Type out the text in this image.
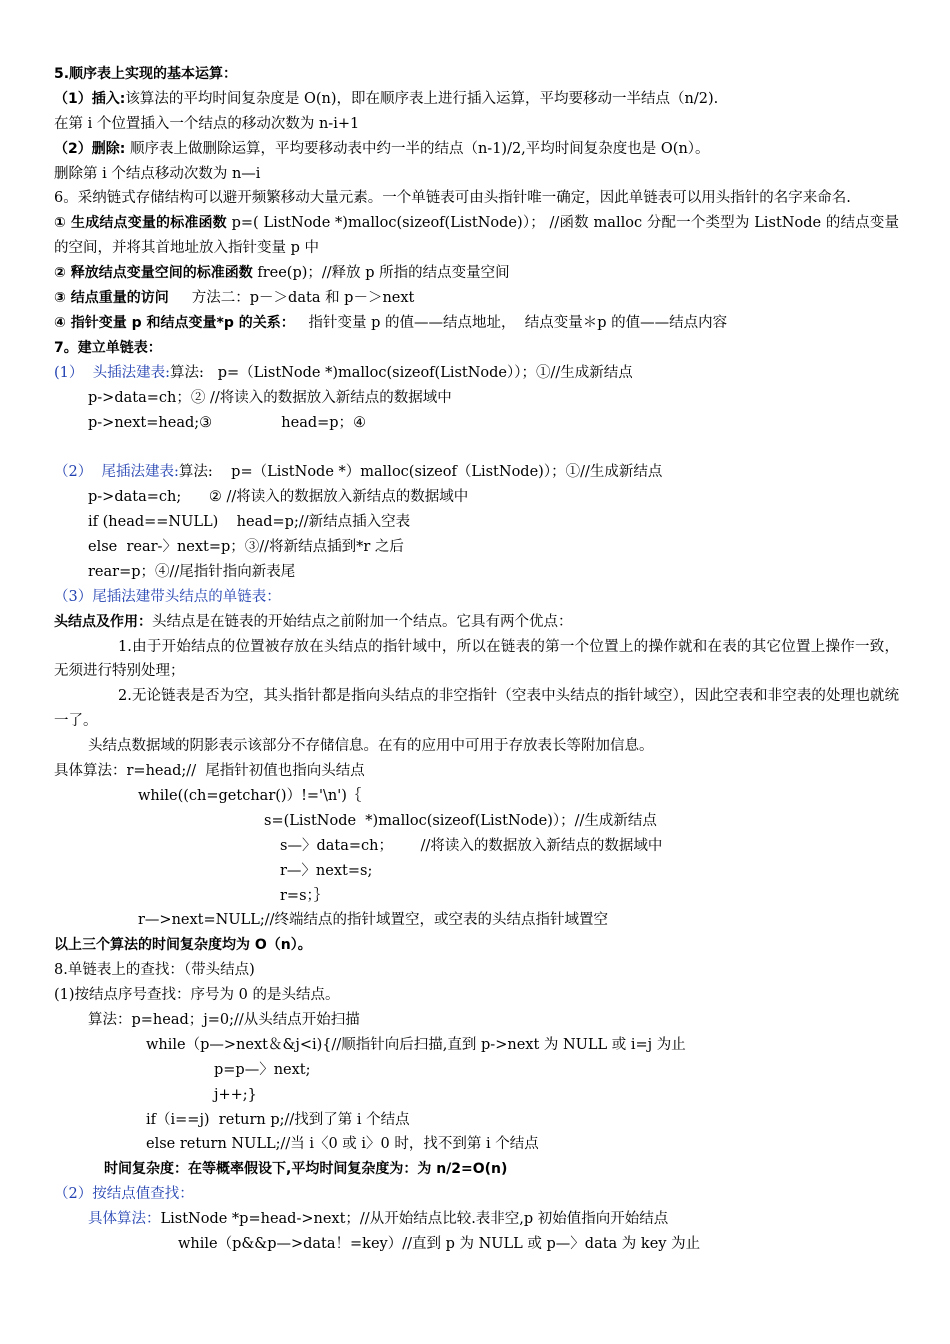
5.顺序表上实现的基本运算：
（1）插入:该算法的平均时间复杂度是 O(n)，即在顺序表上进行插入运算，平均要移动一半结点（n/2).
在第 i 个位置插入一个结点的移动次数为 n-i+1
（2）删除: 顺序表上做删除运算，平均要移动表中约一半的结点（n-1)/2,平均时间复杂度也是 O(n）。
删除第 i 个结点移动次数为 n—i
6。采纳链式存储结构可以避开频繁移动大量元素。一个单链表可由头指针唯一确定，因此单链表可以用头指针的名字来命名.
① 生成结点变量的标准函数 p=( ListNode *)malloc(sizeof(ListNode)）； //函数 malloc 分配一个类型为 ListNode 的结点变量的空间，并将其首地址放入指针变量 p 中
② 释放结点变量空间的标准函数 free(p)；//释放 p 所指的结点变量空间
③ 结点重量的访问     方法二：p－＞data 和 p－＞next
④ 指针变量 p 和结点变量*p 的关系：   指针变量 p 的值——结点地址，  结点变量＊p 的值——结点内容
7。建立单链表：
(1）  头插法建表:算法:   p=（ListNode *)malloc(sizeof(ListNode））；①//生成新结点
p->data=ch；② //将读入的数据放入新结点的数据域中
p->next=head;③               head=p；④
（2）  尾插法建表:算法:    p=（ListNode *）malloc(sizeof（ListNode)）；①//生成新结点
p->data=ch;      ② //将读入的数据放入新结点的数据域中
if (head==NULL)    head=p;//新结点插入空表
else  rear-〉next=p；③//将新结点插到*r 之后
rear=p；④//尾指针指向新表尾
（3）尾插法建带头结点的单链表：
头结点及作用：头结点是在链表的开始结点之前附加一个结点。它具有两个优点：
1.由于开始结点的位置被存放在头结点的指针域中，所以在链表的第一个位置上的操作就和在表的其它位置上操作一致，无须进行特别处理；
2.无论链表是否为空，其头指针都是指向头结点的非空指针（空表中头结点的指针域空），因此空表和非空表的处理也就统一了。
头结点数据域的阴影表示该部分不存储信息。在有的应用中可用于存放表长等附加信息。
具体算法：r=head;//  尾指针初值也指向头结点
while((ch=getchar()）!='\n')｛
s=(ListNode  *)malloc(sizeof(ListNode)）；//生成新结点
s—〉data=ch；      //将读入的数据放入新结点的数据域中
r—〉next=s;
r=s；｝
r—>next=NULL;//终端结点的指针域置空，或空表的头结点指针域置空
以上三个算法的时间复杂度均为 O（n）。
8.单链表上的查找：（带头结点)
(1)按结点序号查找：序号为 0 的是头结点。
算法：p=head；j=0;//从头结点开始扫描
while（p—>next＆&j<i){//顺指针向后扫描,直到 p->next 为 NULL 或 i=j 为止
p=p—〉next;
j++;}
if（i==j)  return p;//找到了第 i 个结点
else return NULL;//当 i〈0 或 i〉0 时，找不到第 i 个结点
时间复杂度：在等概率假设下,平均时间复杂度为：为 n/2=O(n)
（2）按结点值查找：
具体算法：ListNode *p=head->next；//从开始结点比较.表非空,p 初始值指向开始结点
while（p&&p—>data！=key）//直到 p 为 NULL 或 p—〉data 为 key 为止
